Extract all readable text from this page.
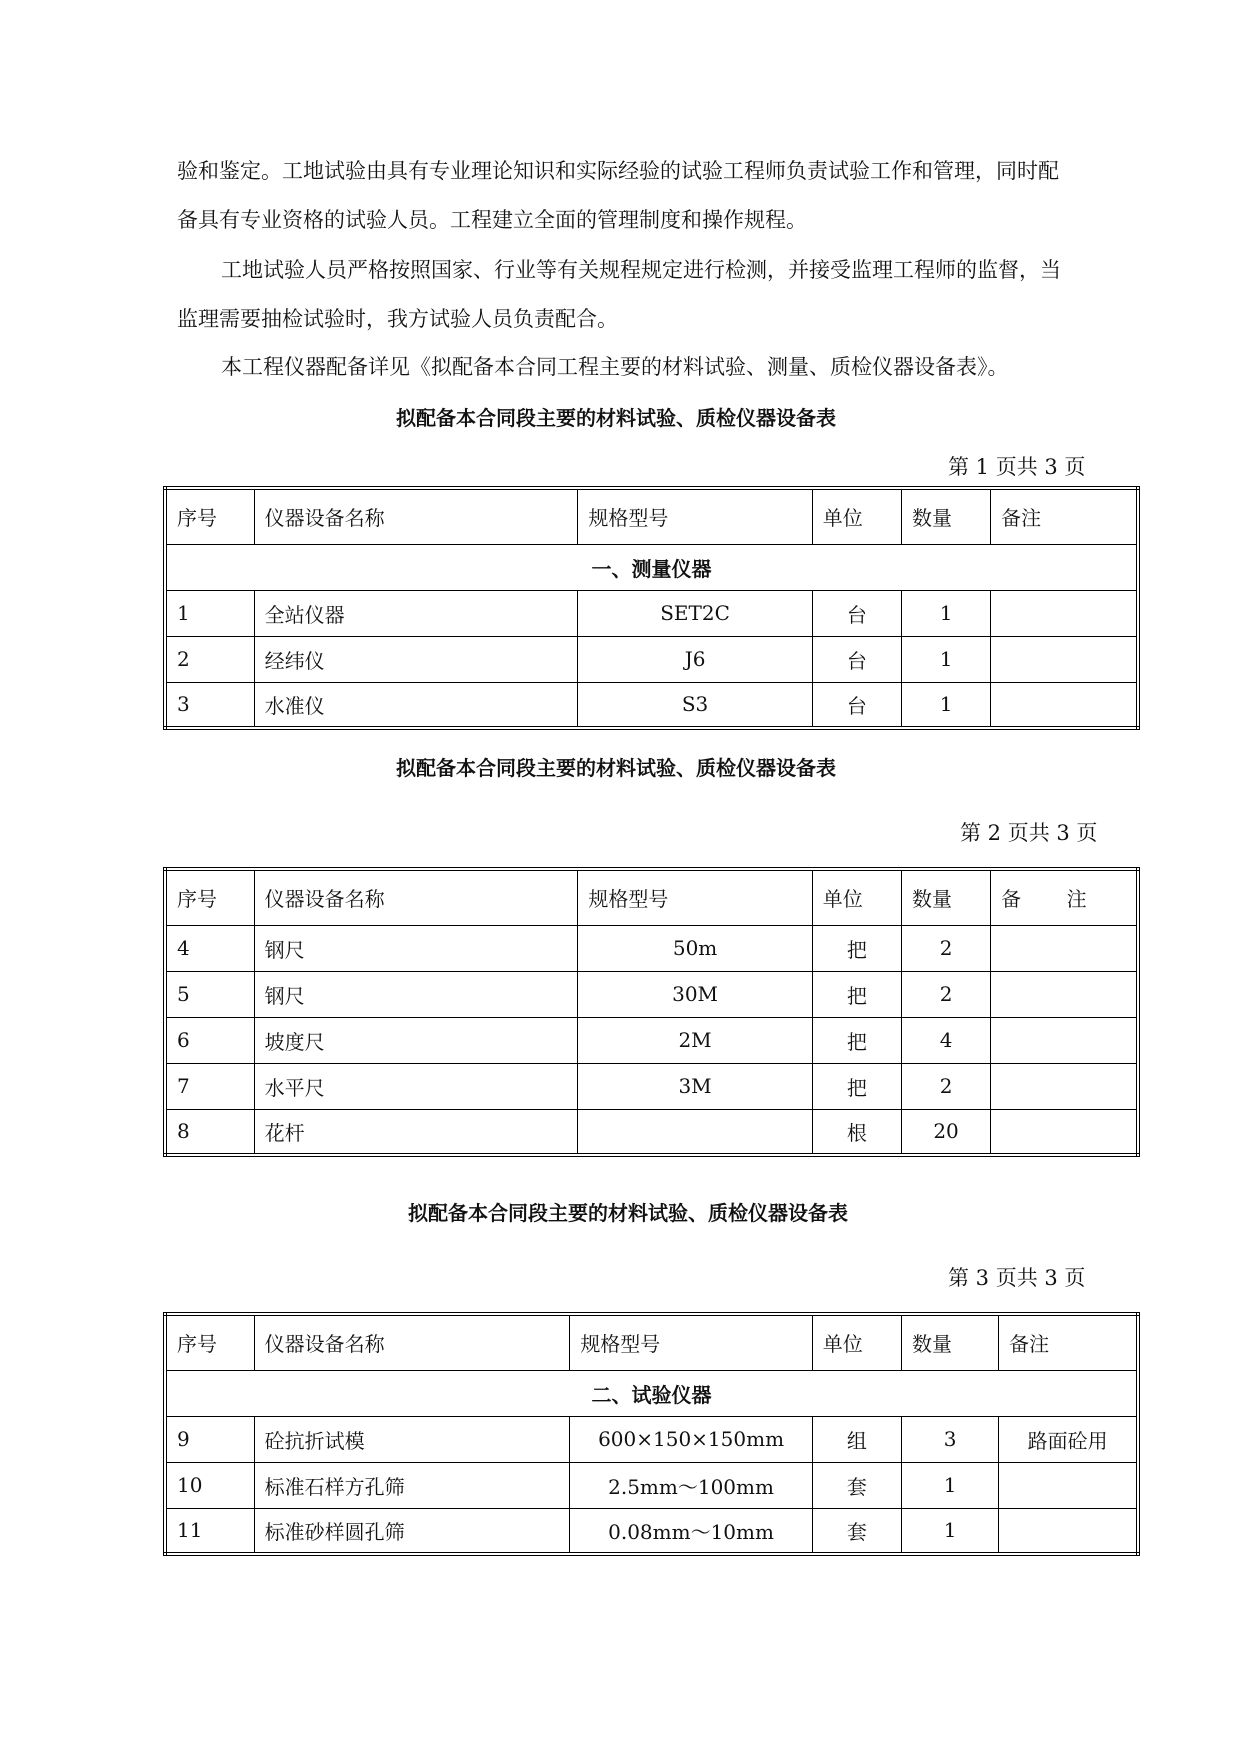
验和鉴定。工地试验由具有专业理论知识和实际经验的试验工程师负责试验工作和管理，同时配
备具有专业资格的试验人员。工程建立全面的管理制度和操作规程。
工地试验人员严格按照国家、行业等有关规程规定进行检测，并接受监理工程师的监督，当
监理需要抽检试验时，我方试验人员负责配合。
本工程仪器配备详见《拟配备本合同工程主要的材料试验、测量、质检仪器设备表》。
拟配备本合同段主要的材料试验、质检仪器设备表
第 1 页共 3 页
序号	仪器设备名称	规格型号	单位	数量	备注
一、测量仪器					
1	全站仪器	SET2C	台	1	
2	经纬仪	J6	台	1	
3	水准仪	S3	台	1	
拟配备本合同段主要的材料试验、质检仪器设备表
第 2 页共 3 页
序号	仪器设备名称	规格型号	单位	数量	备    注
4	钢尺	50m	把	2	
5	钢尺	30M	把	2	
6	坡度尺	2M	把	4	
7	水平尺	3M	把	2	
8	花杆		根	20	
拟配备本合同段主要的材料试验、质检仪器设备表
第 3 页共 3 页
序号	仪器设备名称	规格型号	单位	数量	备注
二、试验仪器					
9	砼抗折试模	600×150×150mm	组	3	路面砼用
10	标准石样方孔筛	2.5mm～100mm	套	1	
11	标准砂样圆孔筛	0.08mm～10mm	套	1	
